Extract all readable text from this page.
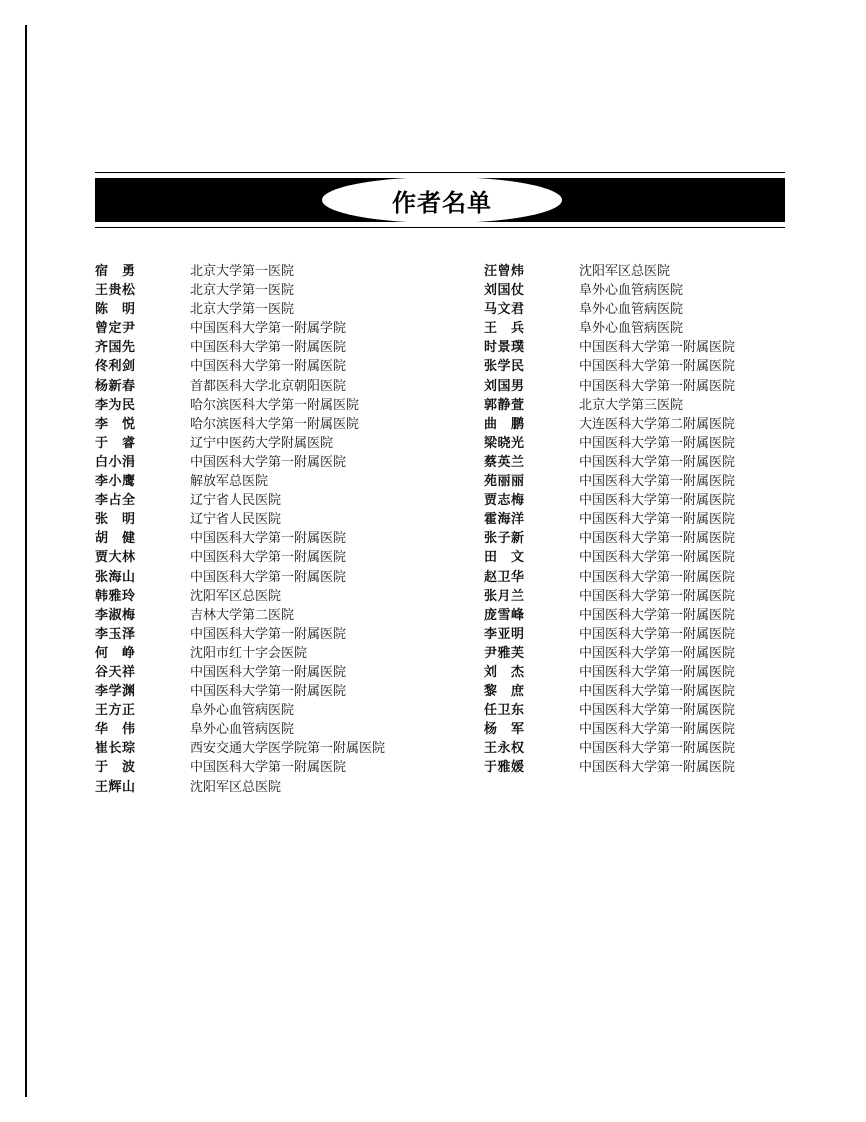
作者名单
宿　勇	北京大学第一医院
王贵松	北京大学第一医院
陈　明	北京大学第一医院
曾定尹	中国医科大学第一附属学院
齐国先	中国医科大学第一附属医院
佟利剑	中国医科大学第一附属医院
杨新春	首都医科大学北京朝阳医院
李为民	哈尔滨医科大学第一附属医院
李　悦	哈尔滨医科大学第一附属医院
于　睿	辽宁中医药大学附属医院
白小涓	中国医科大学第一附属医院
李小鹰	解放军总医院
李占全	辽宁省人民医院
张　明	辽宁省人民医院
胡　健	中国医科大学第一附属医院
贾大林	中国医科大学第一附属医院
张海山	中国医科大学第一附属医院
韩雅玲	沈阳军区总医院
李淑梅	吉林大学第二医院
李玉泽	中国医科大学第一附属医院
何　峥	沈阳市红十字会医院
谷天祥	中国医科大学第一附属医院
李学渊	中国医科大学第一附属医院
王方正	阜外心血管病医院
华　伟	阜外心血管病医院
崔长琮	西安交通大学医学院第一附属医院
于　波	中国医科大学第一附属医院
王辉山	沈阳军区总医院
汪曾炜	沈阳军区总医院
刘国仗	阜外心血管病医院
马文君	阜外心血管病医院
王　兵	阜外心血管病医院
时景璞	中国医科大学第一附属医院
张学民	中国医科大学第一附属医院
刘国男	中国医科大学第一附属医院
郭静萱	北京大学第三医院
曲　鹏	大连医科大学第二附属医院
梁晓光	中国医科大学第一附属医院
蔡英兰	中国医科大学第一附属医院
苑丽丽	中国医科大学第一附属医院
贾志梅	中国医科大学第一附属医院
霍海洋	中国医科大学第一附属医院
张子新	中国医科大学第一附属医院
田　文	中国医科大学第一附属医院
赵卫华	中国医科大学第一附属医院
张月兰	中国医科大学第一附属医院
庞雪峰	中国医科大学第一附属医院
李亚明	中国医科大学第一附属医院
尹雅芙	中国医科大学第一附属医院
刘　杰	中国医科大学第一附属医院
黎　庶	中国医科大学第一附属医院
任卫东	中国医科大学第一附属医院
杨　军	中国医科大学第一附属医院
王永权	中国医科大学第一附属医院
于雅媛	中国医科大学第一附属医院
